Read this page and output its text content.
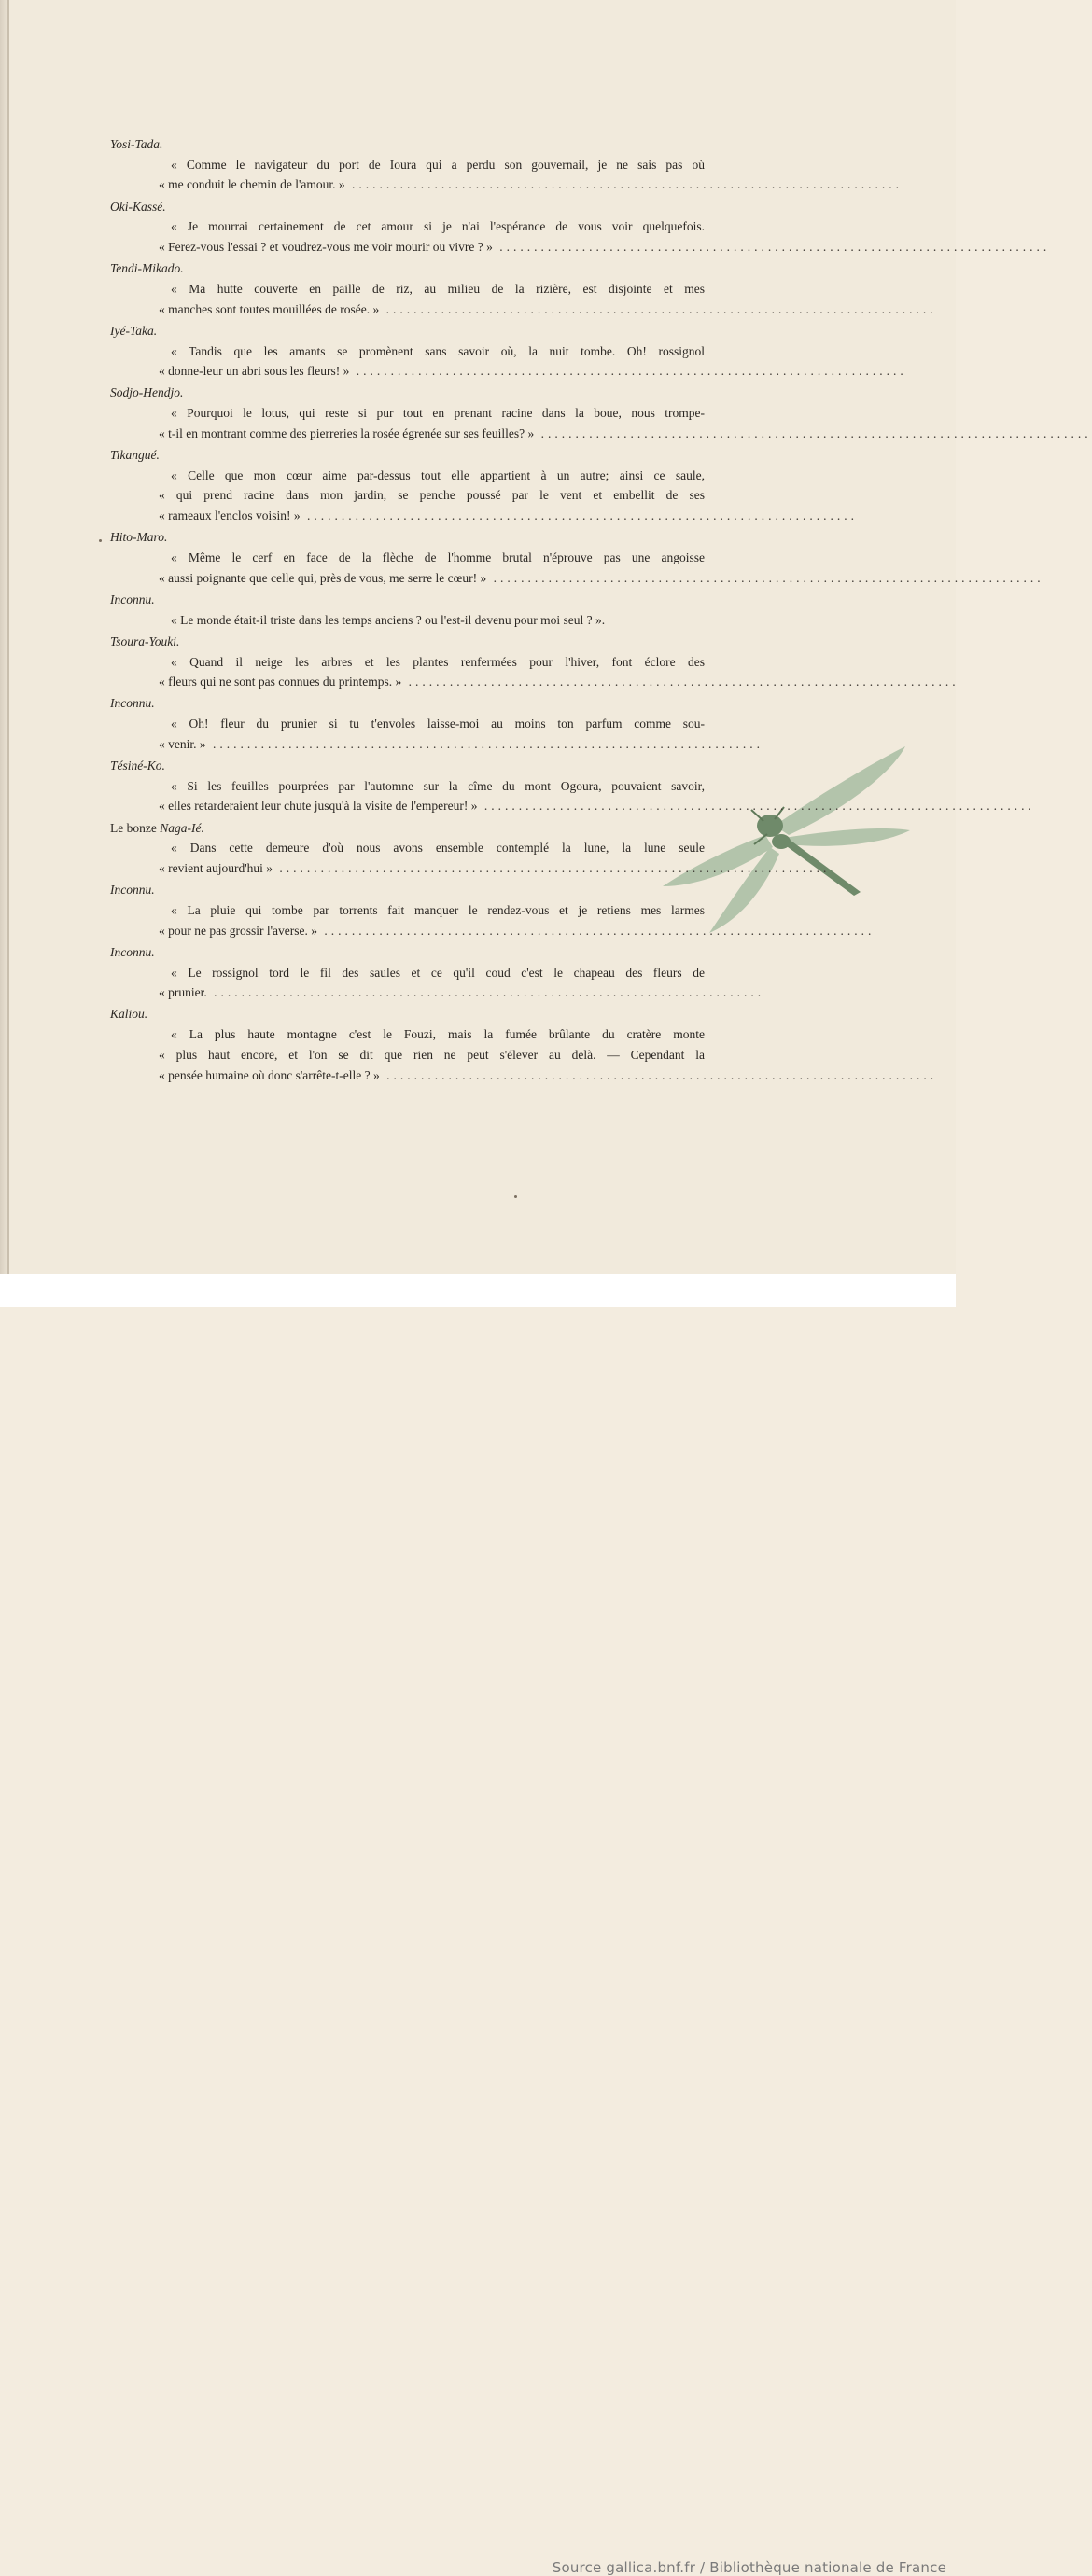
Yosi-Tada.
« Comme le navigateur du port de Ioura qui a perdu son gouvernail, je ne sais pas où
« me conduit le chemin de l'amour. » ................................................................................
Oki-Kassé.
« Je mourrai certainement de cet amour si je n'ai l'espérance de vous voir quelquefois.
« Ferez-vous l'essai ? et voudrez-vous me voir mourir ou vivre ? » ................................................................................
Tendi-Mikado.
« Ma hutte couverte en paille de riz, au milieu de la rizière, est disjointe et mes
« manches sont toutes mouillées de rosée. » ................................................................................
Iyé-Taka.
« Tandis que les amants se promènent sans savoir où, la nuit tombe. Oh! rossignol
« donne-leur un abri sous les fleurs! » ................................................................................
Sodjo-Hendjo.
« Pourquoi le lotus, qui reste si pur tout en prenant racine dans la boue, nous trompe-
« t-il en montrant comme des pierreries la rosée égrenée sur ses feuilles? » ................................................................................
Tikangué.
« Celle que mon cœur aime par-dessus tout elle appartient à un autre; ainsi ce saule,
« qui prend racine dans mon jardin, se penche poussé par le vent et embellit de ses
« rameaux l'enclos voisin! » ................................................................................
Hito-Maro.
« Même le cerf en face de la flèche de l'homme brutal n'éprouve pas une angoisse
« aussi poignante que celle qui, près de vous, me serre le cœur! » ................................................................................
Inconnu.
« Le monde était-il triste dans les temps anciens ? ou l'est-il devenu pour moi seul ? ».
Tsoura-Youki.
« Quand il neige les arbres et les plantes renfermées pour l'hiver, font éclore des
« fleurs qui ne sont pas connues du printemps. » ................................................................................
Inconnu.
« Oh! fleur du prunier si tu t'envoles laisse-moi au moins ton parfum comme sou-
« venir. » ................................................................................
Tésiné-Ko.
« Si les feuilles pourprées par l'automne sur la cîme du mont Ogoura, pouvaient savoir,
« elles retarderaient leur chute jusqu'à la visite de l'empereur! » ................................................................................
Le bonze Naga-Ié.
« Dans cette demeure d'où nous avons ensemble contemplé la lune, la lune seule
« revient aujourd'hui » ................................................................................
Inconnu.
« La pluie qui tombe par torrents fait manquer le rendez-vous et je retiens mes larmes
« pour ne pas grossir l'averse. » ................................................................................
Inconnu.
« Le rossignol tord le fil des saules et ce qu'il coud c'est le chapeau des fleurs de
« prunier. ................................................................................
Kaliou.
« La plus haute montagne c'est le Fouzi, mais la fumée brûlante du cratère monte
« plus haut encore, et l'on se dit que rien ne peut s'élever au delà. — Cependant la
« pensée humaine où donc s'arrête-t-elle ? » ................................................................................
Source gallica.bnf.fr / Bibliothèque nationale de France
